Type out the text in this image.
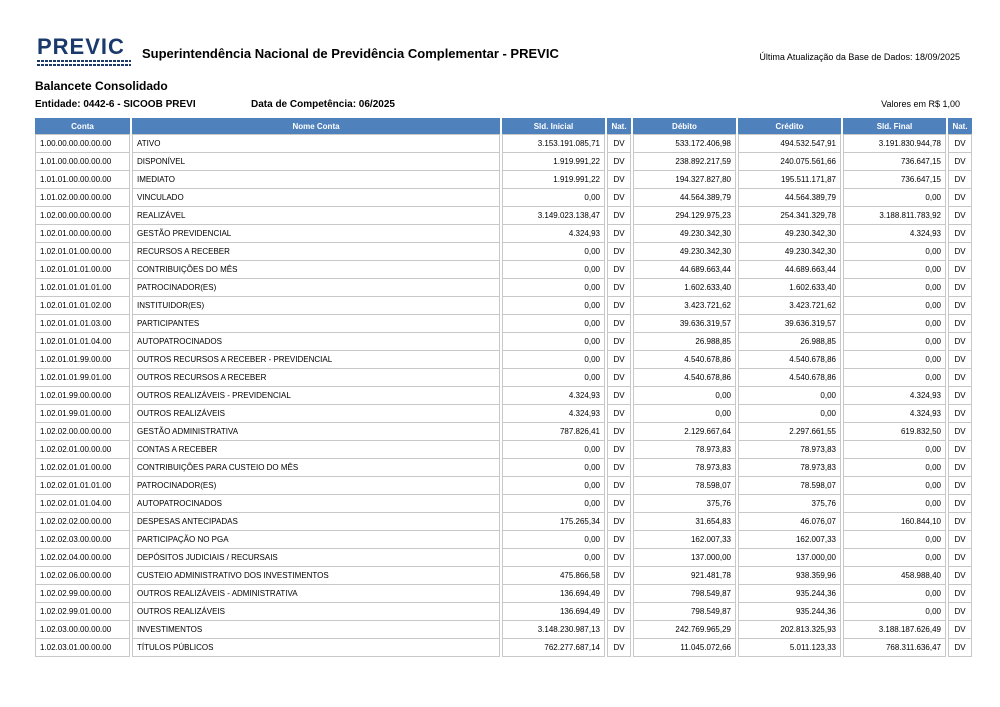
PREVIC Superintendência Nacional de Previdência Complementar - PREVIC	Última Atualização da Base de Dados: 18/09/2025
Balancete Consolidado
Entidade: 0442-6 - SICOOB PREVI	Data de Competência: 06/2025	Valores em R$ 1,00
Conta	Nome Conta	Sld. Inicial	Nat.	Débito	Crédito	Sld. Final	Nat.
1.00.00.00.00.00.00	ATIVO	3.153.191.085,71	DV	533.172.406,98	494.532.547,91	3.191.830.944,78	DV
1.01.00.00.00.00.00	DISPONÍVEL	1.919.991,22	DV	238.892.217,59	240.075.561,66	736.647,15	DV
1.01.01.00.00.00.00	IMEDIATO	1.919.991,22	DV	194.327.827,80	195.511.171,87	736.647,15	DV
1.01.02.00.00.00.00	VINCULADO	0,00	DV	44.564.389,79	44.564.389,79	0,00	DV
1.02.00.00.00.00.00	REALIZÁVEL	3.149.023.138,47	DV	294.129.975,23	254.341.329,78	3.188.811.783,92	DV
1.02.01.00.00.00.00	GESTÃO PREVIDENCIAL	4.324,93	DV	49.230.342,30	49.230.342,30	4.324,93	DV
1.02.01.01.00.00.00	RECURSOS A RECEBER	0,00	DV	49.230.342,30	49.230.342,30	0,00	DV
1.02.01.01.01.00.00	CONTRIBUIÇÕES DO MÊS	0,00	DV	44.689.663,44	44.689.663,44	0,00	DV
1.02.01.01.01.01.00	PATROCINADOR(ES)	0,00	DV	1.602.633,40	1.602.633,40	0,00	DV
1.02.01.01.01.02.00	INSTITUIDOR(ES)	0,00	DV	3.423.721,62	3.423.721,62	0,00	DV
1.02.01.01.01.03.00	PARTICIPANTES	0,00	DV	39.636.319,57	39.636.319,57	0,00	DV
1.02.01.01.01.04.00	AUTOPATROCINADOS	0,00	DV	26.988,85	26.988,85	0,00	DV
1.02.01.01.99.00.00	OUTROS RECURSOS A RECEBER - PREVIDENCIAL	0,00	DV	4.540.678,86	4.540.678,86	0,00	DV
1.02.01.01.99.01.00	OUTROS RECURSOS A RECEBER	0,00	DV	4.540.678,86	4.540.678,86	0,00	DV
1.02.01.99.00.00.00	OUTROS REALIZÁVEIS - PREVIDENCIAL	4.324,93	DV	0,00	0,00	4.324,93	DV
1.02.01.99.01.00.00	OUTROS REALIZÁVEIS	4.324,93	DV	0,00	0,00	4.324,93	DV
1.02.02.00.00.00.00	GESTÃO ADMINISTRATIVA	787.826,41	DV	2.129.667,64	2.297.661,55	619.832,50	DV
1.02.02.01.00.00.00	CONTAS A RECEBER	0,00	DV	78.973,83	78.973,83	0,00	DV
1.02.02.01.01.00.00	CONTRIBUIÇÕES PARA CUSTEIO DO MÊS	0,00	DV	78.973,83	78.973,83	0,00	DV
1.02.02.01.01.01.00	PATROCINADOR(ES)	0,00	DV	78.598,07	78.598,07	0,00	DV
1.02.02.01.01.04.00	AUTOPATROCINADOS	0,00	DV	375,76	375,76	0,00	DV
1.02.02.02.00.00.00	DESPESAS ANTECIPADAS	175.265,34	DV	31.654,83	46.076,07	160.844,10	DV
1.02.02.03.00.00.00	PARTICIPAÇÃO NO PGA	0,00	DV	162.007,33	162.007,33	0,00	DV
1.02.02.04.00.00.00	DEPÓSITOS JUDICIAIS / RECURSAIS	0,00	DV	137.000,00	137.000,00	0,00	DV
1.02.02.06.00.00.00	CUSTEIO ADMINISTRATIVO DOS INVESTIMENTOS	475.866,58	DV	921.481,78	938.359,96	458.988,40	DV
1.02.02.99.00.00.00	OUTROS REALIZÁVEIS - ADMINISTRATIVA	136.694,49	DV	798.549,87	935.244,36	0,00	DV
1.02.02.99.01.00.00	OUTROS REALIZÁVEIS	136.694,49	DV	798.549,87	935.244,36	0,00	DV
1.02.03.00.00.00.00	INVESTIMENTOS	3.148.230.987,13	DV	242.769.965,29	202.813.325,93	3.188.187.626,49	DV
1.02.03.01.00.00.00	TÍTULOS PÚBLICOS	762.277.687,14	DV	11.045.072,66	5.011.123,33	768.311.636,47	DV
